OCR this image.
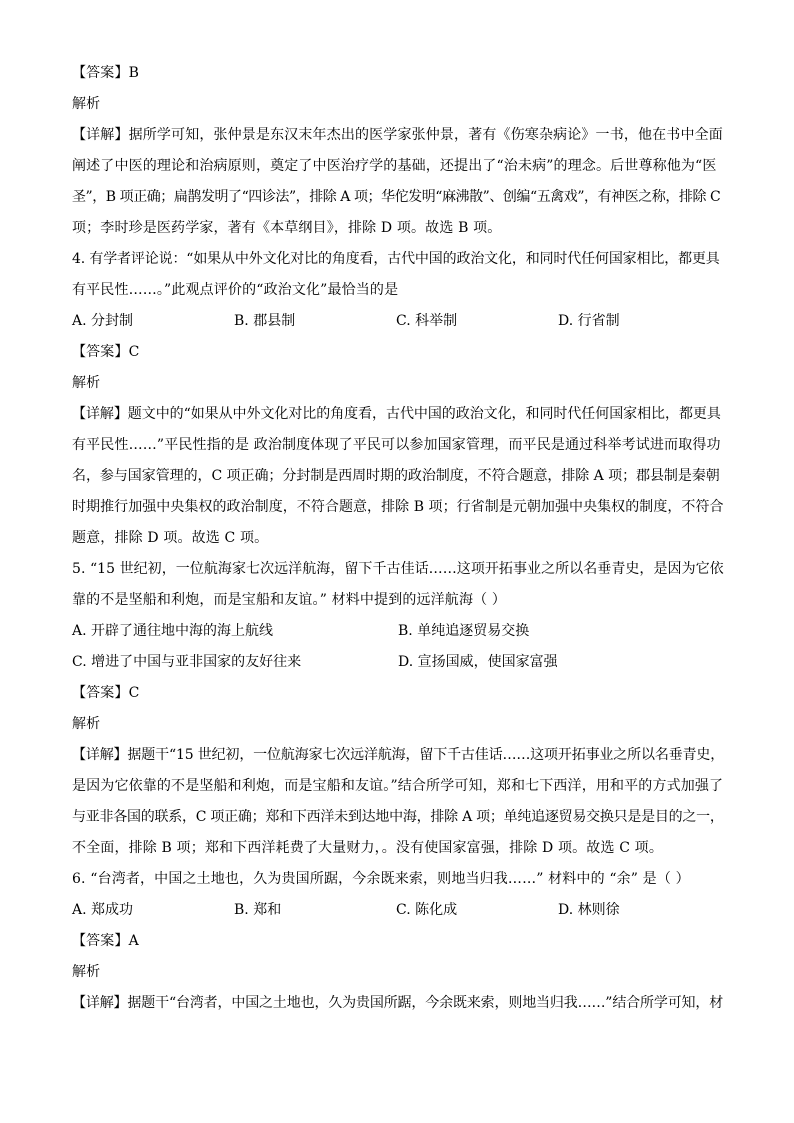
【答案】B
解析
【详解】据所学可知，张仲景是东汉末年杰出的医学家张仲景，著有《伤寒杂病论》一书，他在书中全面
阐述了中医的理论和治病原则，奠定了中医治疗学的基础，还提出了“治未病”的理念。后世尊称他为“医
圣”，B 项正确；扁鹊发明了“四诊法”，排除 A 项；华佗发明“麻沸散”、创编“五禽戏”，有神医之称，排除 C
项；李时珍是医药学家，著有《本草纲目》，排除 D 项。故选 B 项。
4. 有学者评论说：“如果从中外文化对比的角度看，古代中国的政治文化，和同时代任何国家相比，都更具
有平民性……。”此观点评价的“政治文化”最恰当的是
A. 分封制	B. 郡县制	C. 科举制	D. 行省制
【答案】C
解析
【详解】题文中的“如果从中外文化对比的角度看，古代中国的政治文化，和同时代任何国家相比，都更具
有平民性……”平民性指的是 政治制度体现了平民可以参加国家管理，而平民是通过科举考试进而取得功
名，参与国家管理的，C 项正确；分封制是西周时期的政治制度，不符合题意，排除 A 项；郡县制是秦朝
时期推行加强中央集权的政治制度，不符合题意，排除 B 项；行省制是元朝加强中央集权的制度，不符合
题意，排除 D 项。故选 C 项。
5. “15 世纪初，一位航海家七次远洋航海，留下千古佳话……这项开拓事业之所以名垂青史，是因为它依
靠的不是坚船和利炮，而是宝船和友谊。” 材料中提到的远洋航海（ ）
A. 开辟了通往地中海的海上航线	B. 单纯追逐贸易交换
C. 增进了中国与亚非国家的友好往来	D. 宣扬国威，使国家富强
【答案】C
解析
【详解】据题干“15 世纪初，一位航海家七次远洋航海，留下千古佳话……这项开拓事业之所以名垂青史，
是因为它依靠的不是坚船和利炮，而是宝船和友谊。”结合所学可知，郑和七下西洋，用和平的方式加强了
与亚非各国的联系，C 项正确；郑和下西洋未到达地中海，排除 A 项；单纯追逐贸易交换只是是目的之一，
不全面，排除 B 项；郑和下西洋耗费了大量财力，。没有使国家富强，排除 D 项。故选 C 项。
6. “台湾者，中国之土地也，久为贵国所踞，今余既来索，则地当归我……” 材料中的 “余” 是（ ）
A. 郑成功	B. 郑和	C. 陈化成	D. 林则徐
【答案】A
解析
【详解】据题干“台湾者，中国之土地也，久为贵国所踞，今余既来索，则地当归我……”结合所学可知，材
